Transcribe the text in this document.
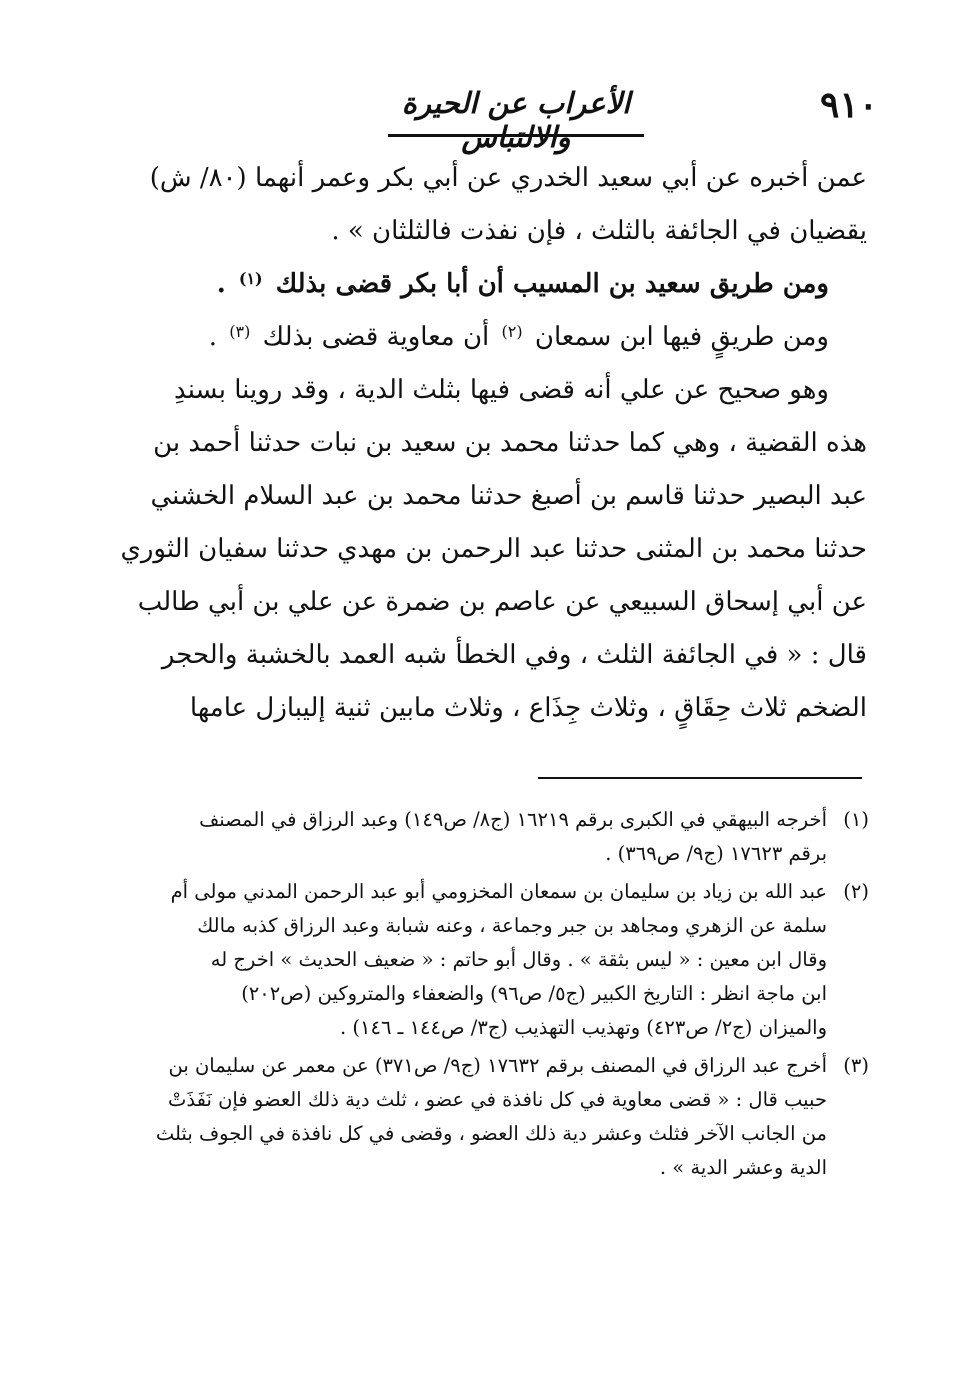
٩١٠
الأعراب عن الحيرة والالتباس

عمن أخبره عن أبي سعيد الخدري عن أبي بكر وعمر أنهما (٨٠/ ش)

يقضيان في الجائفة بالثلث ، فإن نفذت فالثلثان » .

ومن طريق سعيد بن المسيب أن أبا بكر قضى بذلك $^{(١)}$ .

ومن طريقٍ فيها ابن سمعان $^{(٢)}$ أن معاوية قضى بذلك $^{(٣)}$ .

وهو صحيح عن علي أنه قضى فيها بثلث الدية ، وقد روينا بسندِ

هذه القضية ، وهي كما حدثنا محمد بن سعيد بن نبات حدثنا أحمد بن

عبد البصير حدثنا قاسم بن أصبغ حدثنا محمد بن عبد السلام الخشني

حدثنا محمد بن المثنى حدثنا عبد الرحمن بن مهدي حدثنا سفيان الثوري

عن أبي إسحاق السبيعي عن عاصم بن ضمرة عن علي بن أبي طالب

قال : « في الجائفة الثلث ، وفي الخطأ شبه العمد بالخشبة والحجر

الضخم ثلاث حِقَاقٍ ، وثلاث جِذَاع ، وثلاث مابين ثنية إليبازل عامها

(١)
أخرجه البيهقي في الكبرى برقم ١٦٢١٩ (ج٨/ ص١٤٩) وعبد الرزاق في المصنف
برقم ١٧٦٢٣ (ج٩/ ص٣٦٩) .
(٢)
عبد الله بن زياد بن سليمان بن سمعان المخزومي أبو عبد الرحمن المدني مولى أم
سلمة عن الزهري ومجاهد بن جبر وجماعة ، وعنه شبابة وعبد الرزاق كذبه مالك
وقال ابن معين : « ليس بثقة » . وقال أبو حاتم : « ضعيف الحديث » اخرج له
ابن ماجة انظر : التاريخ الكبير (ج٥/ ص٩٦) والضعفاء والمتروكين (ص٢٠٢)
والميزان (ج٢/ ص٤٢٣) وتهذيب التهذيب (ج٣/ ص١٤٤ ـ ١٤٦) .
(٣)
أخرج عبد الرزاق في المصنف برقم ١٧٦٣٢ (ج٩/ ص٣٧١) عن معمر عن سليمان بن
حبيب قال : « قضى معاوية في كل نافذة في عضو ، ثلث دية ذلك العضو فإن نَفَذَتْ
من الجانب الآخر فثلث وعشر دية ذلك العضو ، وقضى في كل نافذة في الجوف بثلث
الدية وعشر الدية » .
